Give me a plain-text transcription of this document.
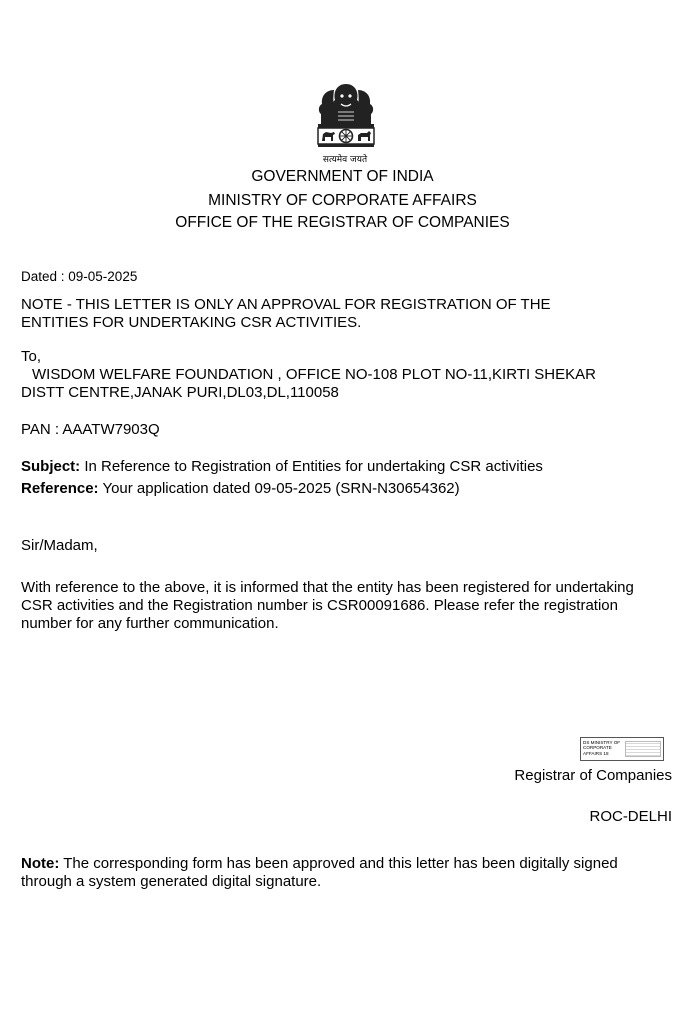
सत्यमेव जयते
GOVERNMENT OF INDIA
MINISTRY OF CORPORATE AFFAIRS
OFFICE OF THE REGISTRAR OF COMPANIES
Dated : 09-05-2025
NOTE - THIS LETTER IS ONLY AN APPROVAL FOR REGISTRATION OF THE
ENTITIES FOR UNDERTAKING CSR ACTIVITIES.
To,
WISDOM WELFARE FOUNDATION , OFFICE NO-108 PLOT NO-11,KIRTI SHEKAR
DISTT CENTRE,JANAK PURI,DL03,DL,110058
PAN : AAATW7903Q
Subject: In Reference to Registration of Entities for undertaking CSR activities
Reference: Your application dated 09-05-2025 (SRN-N30654362)
Sir/Madam,
With reference to the above, it is informed that the entity has been registered for undertaking
CSR activities and the Registration number is CSR00091686. Please refer the registration
number for any further communication.
DS MINISTRY OF CORPORATE AFFAIRS 18
Registrar of Companies
ROC-DELHI
Note: The corresponding form has been approved and this letter has been digitally signed
through a system generated digital signature.
